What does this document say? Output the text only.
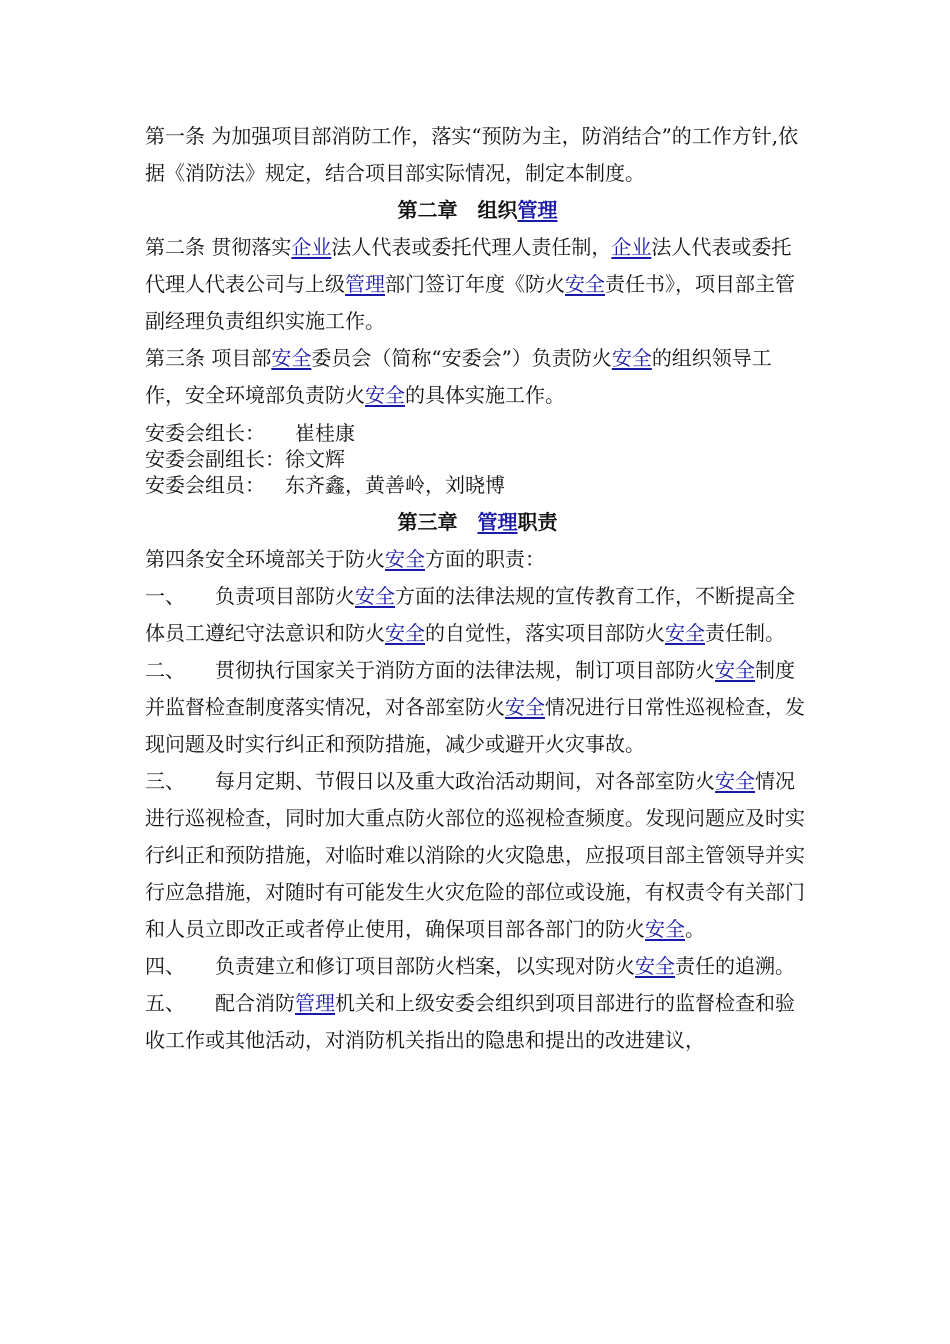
第一条 为加强项目部消防工作，落实“预防为主，防消结合”的工作方针,依据《消防法》规定，结合项目部实际情况，制定本制度。

第二章 组织管理

第二条 贯彻落实企业法人代表或委托代理人责任制，企业法人代表或委托代理人代表公司与上级管理部门签订年度《防火安全责任书》，项目部主管副经理负责组织实施工作。

第三条 项目部安全委员会（简称“安委会”）负责防火安全的组织领导工作，安全环境部负责防火安全的具体实施工作。

安委会组长： 崔桂康

安委会副组长：徐文辉

安委会组员： 东齐鑫，黄善岭，刘晓博

第三章 管理职责

第四条安全环境部关于防火安全方面的职责：

一、 负责项目部防火安全方面的法律法规的宣传教育工作，不断提高全体员工遵纪守法意识和防火安全的自觉性，落实项目部防火安全责任制。

二、 贯彻执行国家关于消防方面的法律法规，制订项目部防火安全制度并监督检查制度落实情况，对各部室防火安全情况进行日常性巡视检查，发现问题及时实行纠正和预防措施，减少或避开火灾事故。

三、 每月定期、节假日以及重大政治活动期间，对各部室防火安全情况进行巡视检查，同时加大重点防火部位的巡视检查频度。发现问题应及时实行纠正和预防措施，对临时难以消除的火灾隐患，应报项目部主管领导并实行应急措施，对随时有可能发生火灾危险的部位或设施，有权责令有关部门和人员立即改正或者停止使用，确保项目部各部门的防火安全。

四、 负责建立和修订项目部防火档案，以实现对防火安全责任的追溯。

五、 配合消防管理机关和上级安委会组织到项目部进行的监督检查和验收工作或其他活动，对消防机关指出的隐患和提出的改进建议，
